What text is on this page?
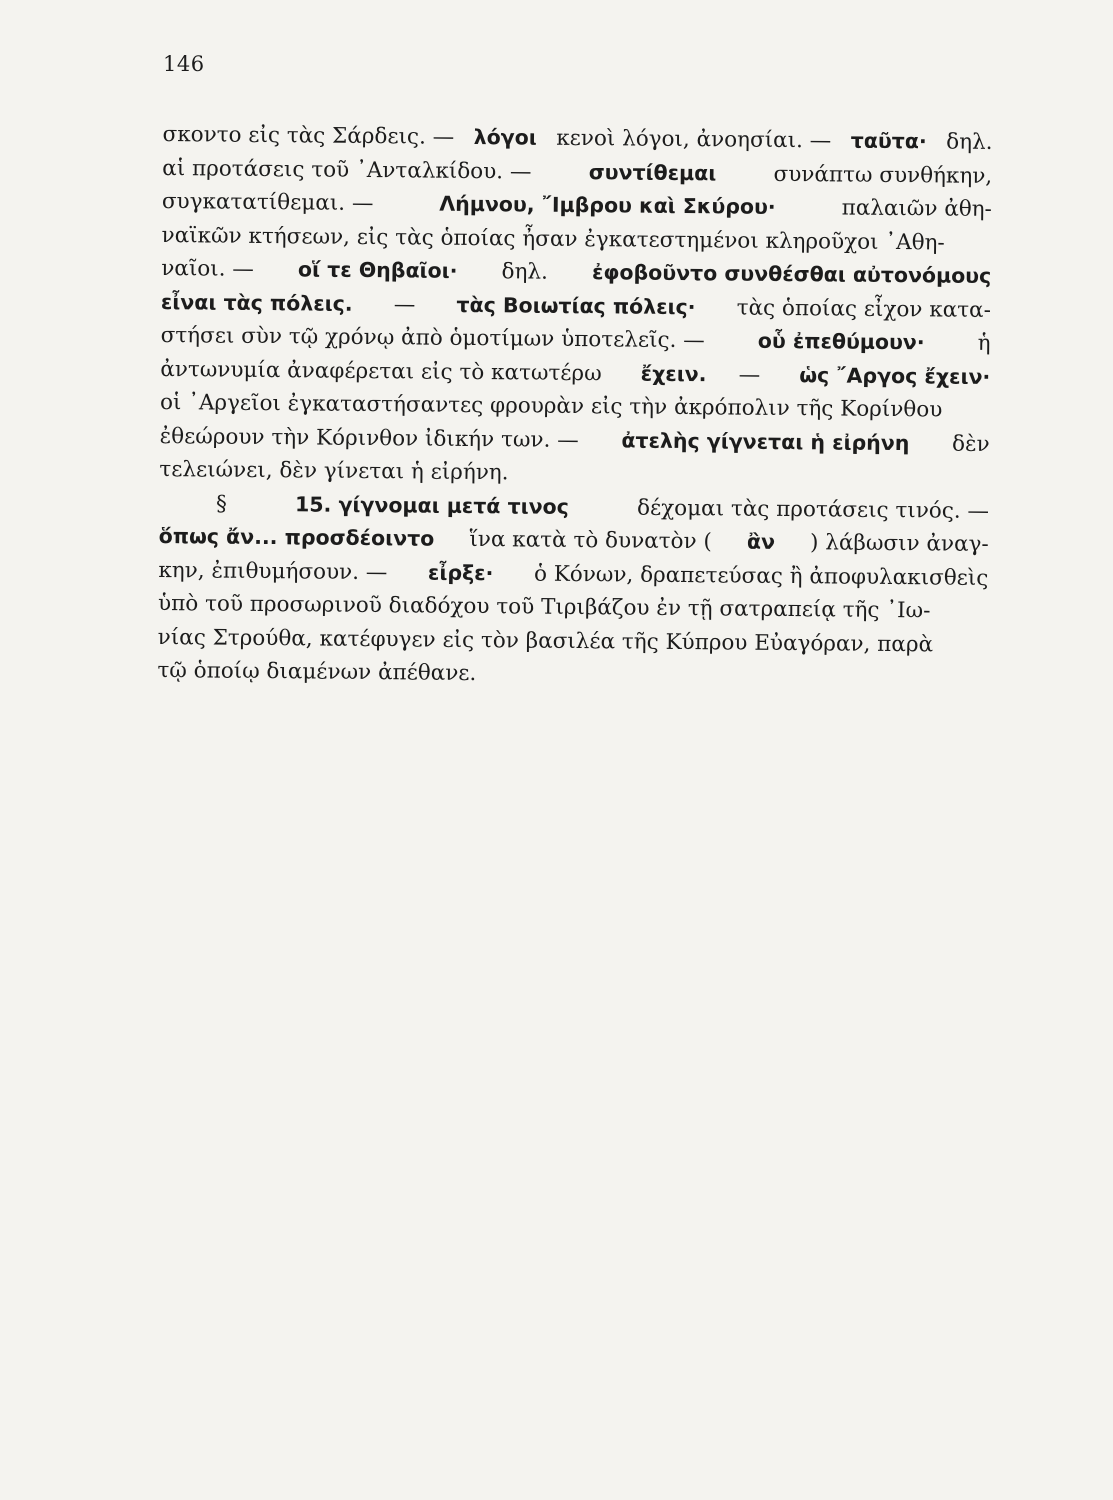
146
σκοντο εἰς τὰς Σάρδεις. — λόγοι κενοὶ λόγοι, ἀνοησίαι. — ταῦτα· δηλ.
αἱ προτάσεις τοῦ ᾿Ανταλκίδου. — συντίθεμαι συνάπτω συνθήκην,
συγκατατίθεμαι. —	Λήμνου, ῎Ιμβρου καὶ Σκύρου·	παλαιῶν ἀθη-
ναϊκῶν κτήσεων, εἰς τὰς ὁποίας ἦσαν ἐγκατεστημένοι κληροῦχοι ᾿Αθη-
ναῖοι. — οἵ τε Θηβαῖοι· δηλ. ἐφοβοῦντο συνθέσθαι αὐτονόμους
εἶναι τὰς πόλεις. — τὰς Βοιωτίας πόλεις· τὰς ὁποίας εἶχον κατα-
στήσει σὺν τῷ χρόνῳ ἀπὸ ὁμοτίμων ὑποτελεῖς. — οὗ ἐπεθύμουν· ἡ
ἀντωνυμία ἀναφέρεται εἰς τὸ κατωτέρω ἔχειν. — ὡς ῎Αργος ἔχειν·
οἱ ᾿Αργεῖοι ἐγκαταστήσαντες φρουρὰν εἰς τὴν ἀκρόπολιν τῆς Κορίνθου
ἐθεώρουν τὴν Κόρινθον ἰδικήν των. — ἀτελὴς γίγνεται ἡ εἰρήνη δὲν
τελειώνει, δὲν γίνεται ἡ εἰρήνη.
§	15. γίγνομαι μετά τινος	δέχομαι τὰς προτάσεις τινός. —
ὅπως ἄν... προσδέοιντο ἵνα κατὰ τὸ δυνατὸν ( ἂν ) λάβωσιν ἀναγ-
κην, ἐπιθυμήσουν. — εἶρξε· ὁ Κόνων, δραπετεύσας ἢ ἀποφυλακισθεὶς
ὑπὸ τοῦ προσωρινοῦ διαδόχου τοῦ Τιριβάζου ἐν τῇ σατραπείᾳ τῆς ᾿Ιω-
νίας Στρούθα, κατέφυγεν εἰς τὸν βασιλέα τῆς Κύπρου Εὐαγόραν, παρὰ
τῷ ὁποίῳ διαμένων ἀπέθανε.
